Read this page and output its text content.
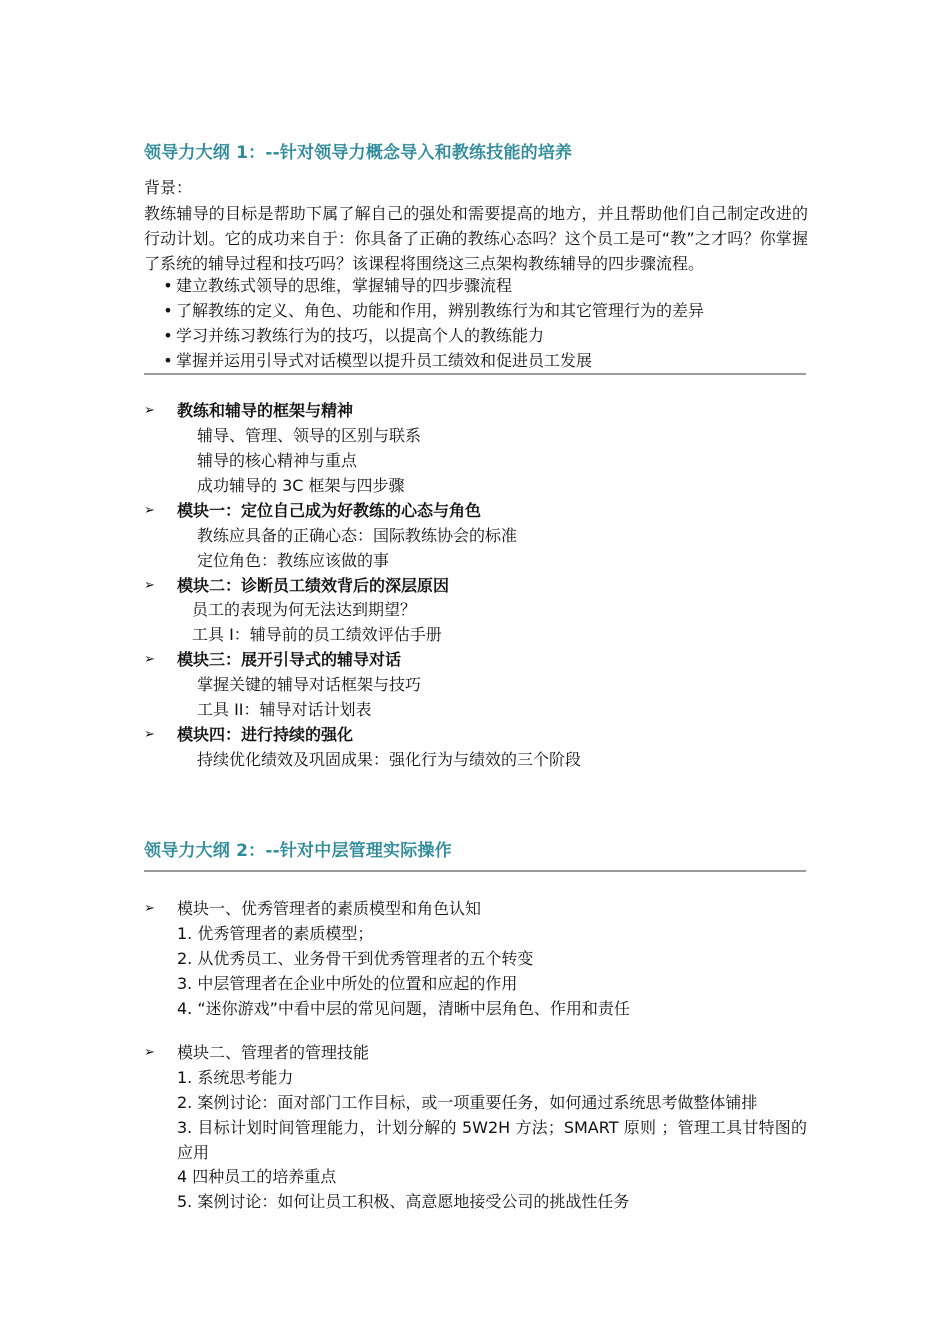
领导力大纲 1：--针对领导力概念导入和教练技能的培养
背景：
教练辅导的目标是帮助下属了解自己的强处和需要提高的地方，并且帮助他们自己制定改进的行动计划。它的成功来自于：你具备了正确的教练心态吗？这个员工是可“教”之才吗？你掌握了系统的辅导过程和技巧吗？该课程将围绕这三点架构教练辅导的四步骤流程。
• 建立教练式领导的思维，掌握辅导的四步骤流程
• 了解教练的定义、角色、功能和作用，辨别教练行为和其它管理行为的差异
• 学习并练习教练行为的技巧，以提高个人的教练能力
• 掌握并运用引导式对话模型以提升员工绩效和促进员工发展
➢	教练和辅导的框架与精神
辅导、管理、领导的区别与联系
辅导的核心精神与重点
成功辅导的 3C 框架与四步骤
➢	模块一：定位自己成为好教练的心态与角色
教练应具备的正确心态：国际教练协会的标准
定位角色：教练应该做的事
➢	模块二：诊断员工绩效背后的深层原因
员工的表现为何无法达到期望？
工具 I：辅导前的员工绩效评估手册
➢	模块三：展开引导式的辅导对话
掌握关键的辅导对话框架与技巧
工具 II：辅导对话计划表
➢	模块四：进行持续的强化
持续优化绩效及巩固成果：强化行为与绩效的三个阶段
领导力大纲 2：--针对中层管理实际操作
➢	模块一、优秀管理者的素质模型和角色认知
1. 优秀管理者的素质模型；
2. 从优秀员工、业务骨干到优秀管理者的五个转变
3. 中层管理者在企业中所处的位置和应起的作用
4. “迷你游戏”中看中层的常见问题，清晰中层角色、作用和责任
➢	模块二、管理者的管理技能
1. 系统思考能力
2. 案例讨论：面对部门工作目标，或一项重要任务，如何通过系统思考做整体铺排
3. 目标计划时间管理能力，计划分解的 5W2H 方法；SMART 原则 ；管理工具甘特图的应用
4 四种员工的培养重点
5. 案例讨论：如何让员工积极、高意愿地接受公司的挑战性任务
